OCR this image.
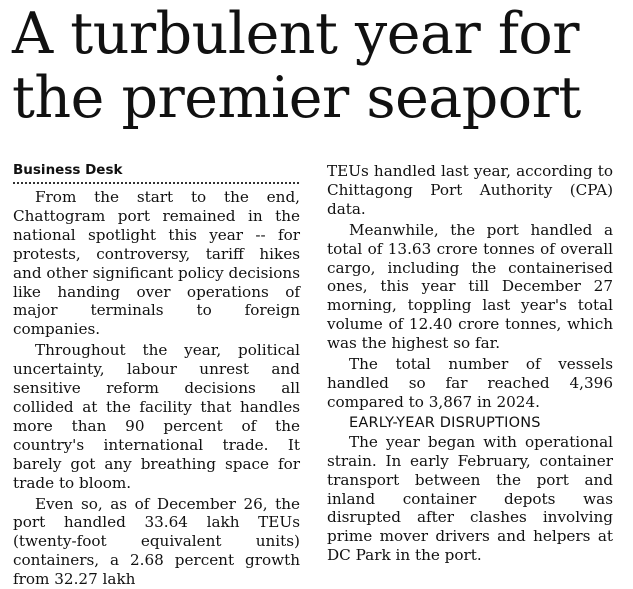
A turbulent year for
the premier seaport
Business Desk

From the start to the end, Chattogram port remained in the national spotlight this year -- for protests, controversy, tariff hikes and other significant policy decisions like handing over operations of major terminals to foreign companies.

Throughout the year, political uncertainty, labour unrest and sensitive reform decisions all collided at the facility that handles more than 90 percent of the country's international trade. It barely got any breathing space for trade to bloom.

Even so, as of December 26, the port handled 33.64 lakh TEUs (twenty-foot equivalent units) containers, a 2.68 percent growth from 32.27 lakh

TEUs handled last year, according to Chittagong Port Authority (CPA) data.

Meanwhile, the port handled a total of 13.63 crore tonnes of overall cargo, including the containerised ones, this year till December 27 morning, toppling last year's total volume of 12.40 crore tonnes, which was the highest so far.

The total number of vessels handled so far reached 4,396 compared to 3,867 in 2024.

EARLY-YEAR DISRUPTIONS

The year began with operational strain. In early February, container transport between the port and inland container depots was disrupted after clashes involving prime mover drivers and helpers at DC Park in the port.
